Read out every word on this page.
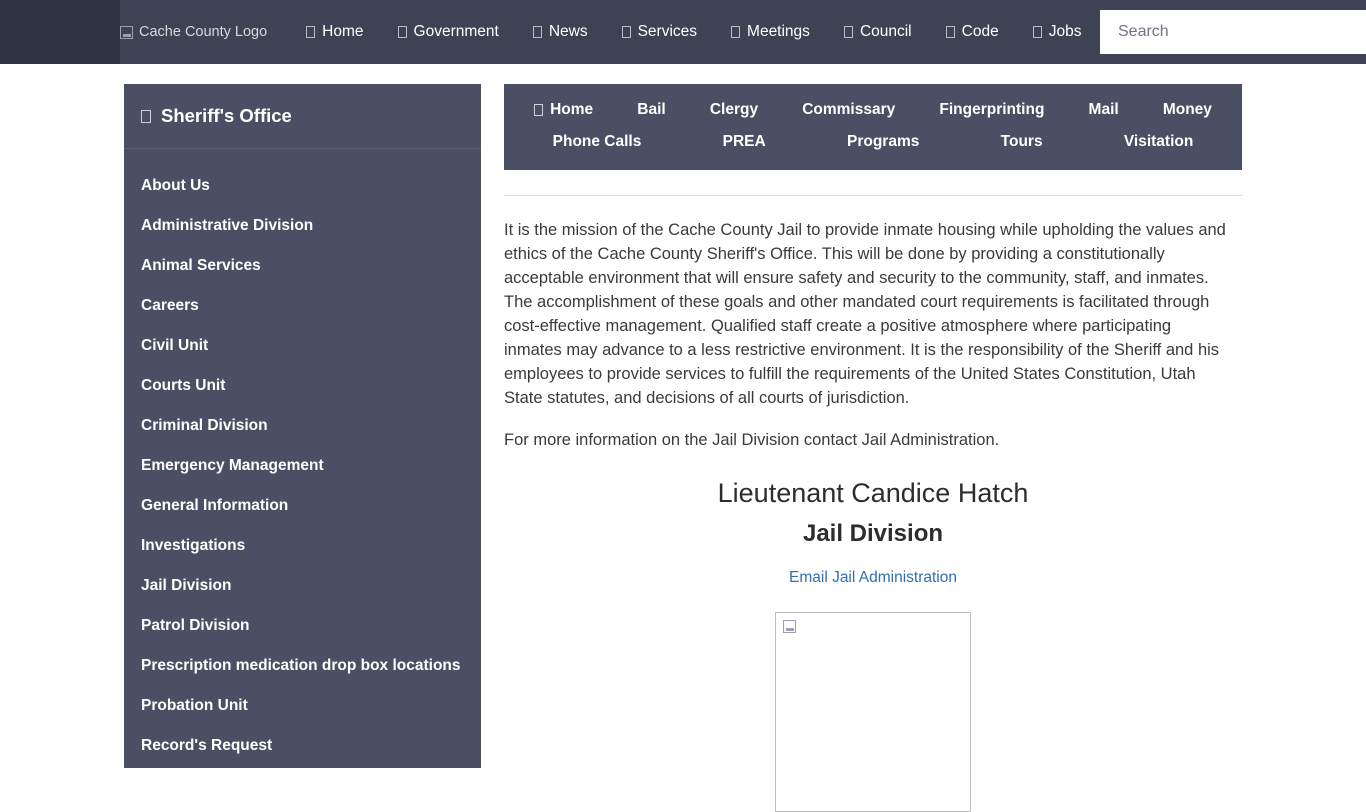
Cache County Logo	Home	Government	News	Services	Meetings	Council	Code	Jobs
Search
Sheriff's Office
About Us
Administrative Division
Animal Services
Careers
Civil Unit
Courts Unit
Criminal Division
Emergency Management
General Information
Investigations
Jail Division
Patrol Division
Prescription medication drop box locations
Probation Unit
Record's Request
Home	Bail	Clergy	Commissary	Fingerprinting	Mail	Money
Phone Calls	PREA	Programs	Tours	Visitation

It is the mission of the Cache County Jail to provide inmate housing while upholding the values and ethics of the Cache County Sheriff's Office. This will be done by providing a constitutionally acceptable environment that will ensure safety and security to the community, staff, and inmates. The accomplishment of these goals and other mandated court requirements is facilitated through cost-effective management. Qualified staff create a positive atmosphere where participating inmates may advance to a less restrictive environment. It is the responsibility of the Sheriff and his employees to provide services to fulfill the requirements of the United States Constitution, Utah State statutes, and decisions of all courts of jurisdiction.

For more information on the Jail Division contact Jail Administration.

Lieutenant Candice Hatch
Jail Division
Email Jail Administration
